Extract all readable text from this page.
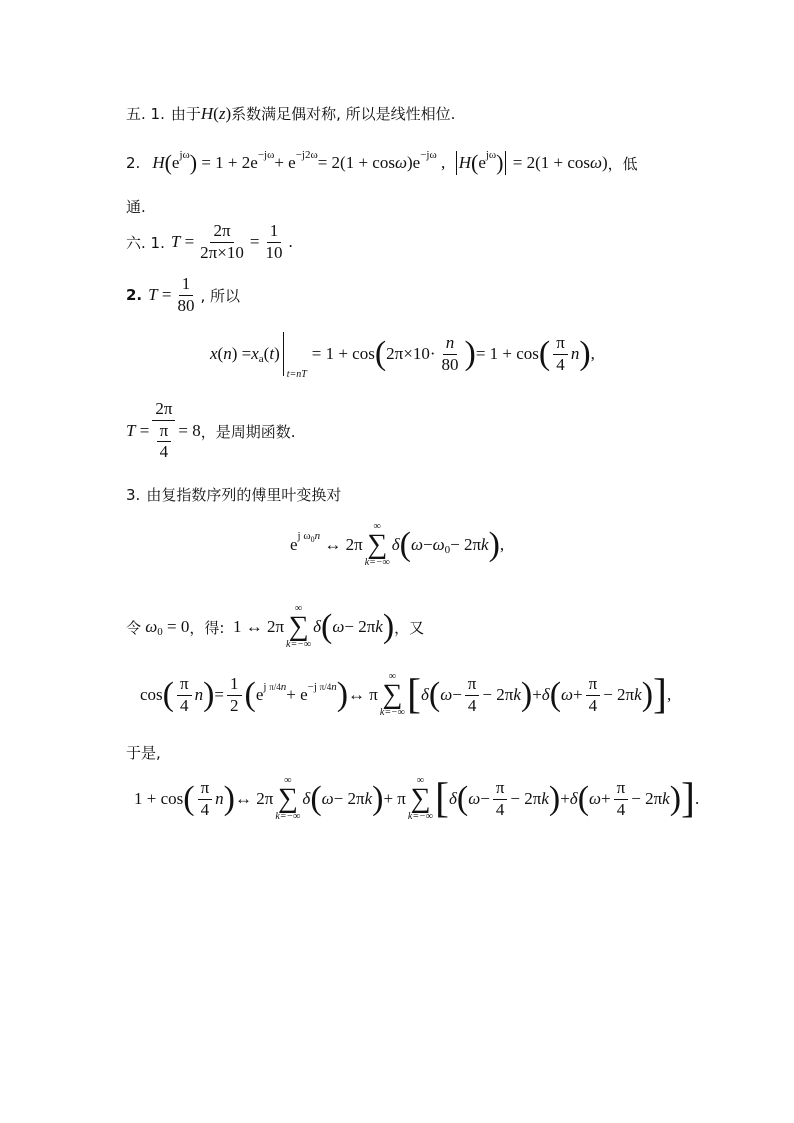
五. 1. 由于 H ( z ) 系数满足偶对称, 所以是线性相位.
2. H ( e jω ) = 1 + 2e −jω + e −j2ω = 2(1 + cos ω )e −jω , H ( e jω ) = 2(1 + cos ω ) ，低
通.
六. 1. $T = \frac{2\pi}{2\pi\times 10} = \frac{1}{10}$ .
2. $T = \frac{1}{80}$ , 所以
x ( n ) = x a ( t )
t=nT
= 1 + cos ( $2\pi\times 10\cdot \frac{n}{80}$ ) = 1 + cos ( $\frac{\pi}{4}$ n ) ,
$T = \frac{2\pi}{\frac{\pi}{4}} = 8$ ，是周期函数.
3. 由复指数序列的傅里叶变换对
e j $\omega_0n$ ↔ 2π
∞
∑
k=−∞
δ ( ω − ω 0 − 2π k ) ,
令
ω 0 = 0 ，得: 1 ↔ 2π
∞
∑
k=−∞
δ ( ω − 2π k ) ，又
cos ( $\frac{\pi}{4}$ n ) = $\frac{1}{2}$ ( e j π/4n + e −j π/4n ) ↔ π
∞
∑
k=−∞ [ δ ( $\omega - \frac{\pi}{4} - 2\pi$ k ) + δ ( $\omega + \frac{\pi}{4} - 2\pi$ k ) ] ,
于是,
1 + cos ( $\frac{\pi}{4}$ n ) ↔ 2π
∞
∑
k=−∞
δ ( ω − 2π k ) + π
∞
∑
k=−∞ [ δ ( $\omega - \frac{\pi}{4} - 2\pi$ k ) + δ ( $\omega + \frac{\pi}{4} - 2\pi$ k ) ] .
